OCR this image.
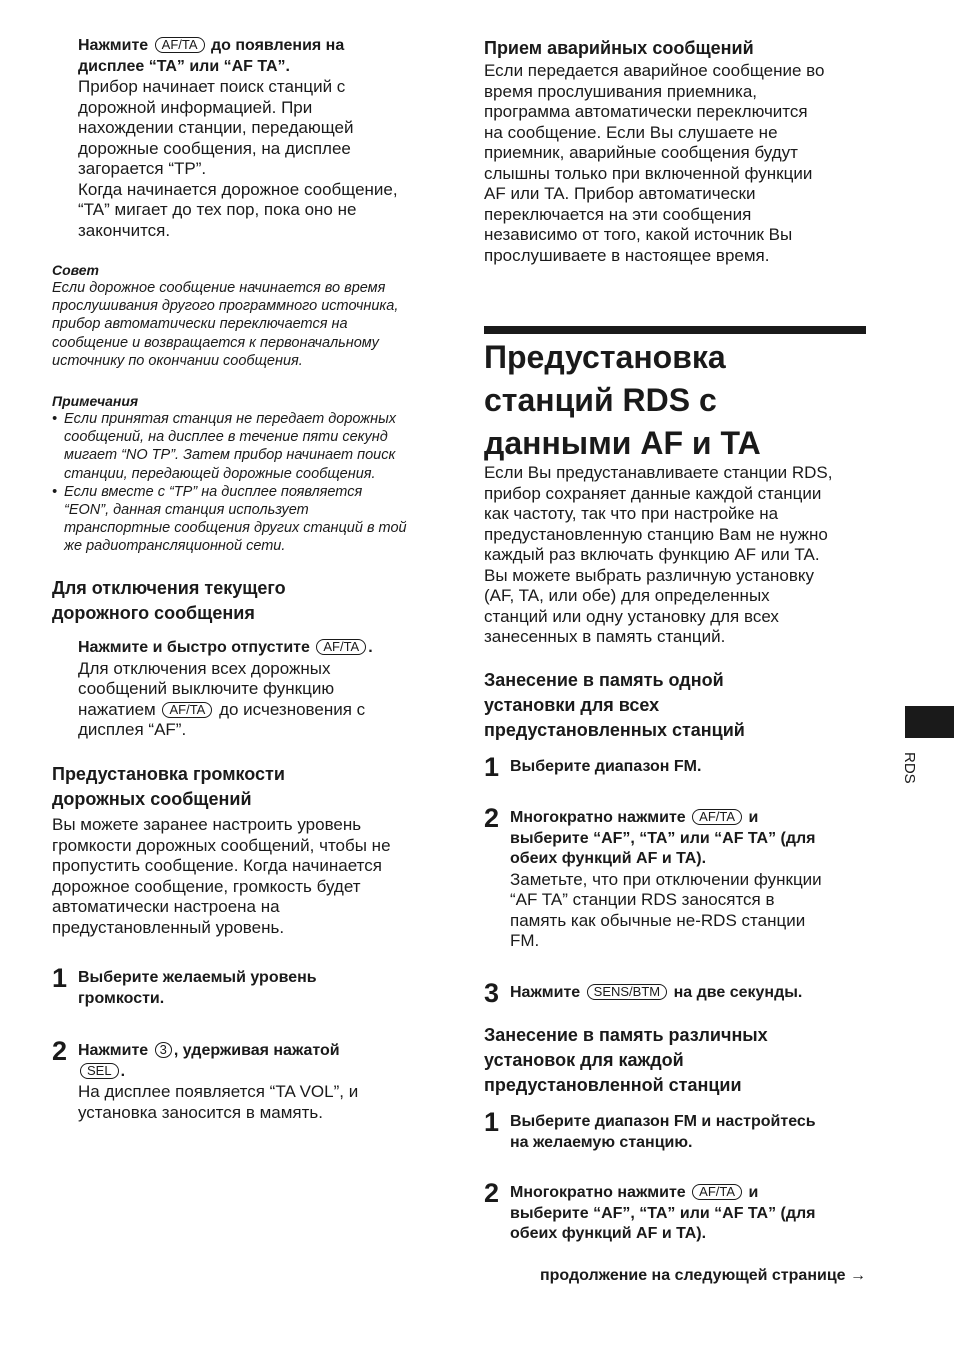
Нажмите AF/TA до появления на
дисплее “TA” или “AF TA”.

Прибор начинает поиск станций с
дорожной информацией. При
нахождении станции, передающей
дорожные сообщения, на дисплее
загорается “TP”.
Когда начинается дорожное сообщение,
“TA” мигает до тех пор, пока оно не
закончится.

Совет

Если дорожное сообщение начинается во время
прослушивания другого программного источника,
прибор автоматически переключается на
сообщение и возвращается к первоначальному
источнику по окончании сообщения.

Примечания

• Если принятая станция не передает дорожных
сообщений, на дисплее в течение пяти секунд
мигает “NO TP”. Затем прибор начинает поиск
станции, передающей дорожные сообщения.
• Если вместе с “TP” на дисплее появляется
“EON”, данная станция использует
транспортные сообщения других станций в той
же радиотрансляционной сети.
Для отключения текущего
дорожного сообщения

Нажмите и быстро отпустите AF/TA .

Для отключения всех дорожных
сообщений выключите функцию
нажатием AF/TA до исчезновения с
дисплея “AF”.
Предустановка громкости
дорожных сообщений
Вы можете заранее настроить уровень
громкости дорожных сообщений, чтобы не
пропустить сообщение. Когда начинается
дорожное сообщение, громкость будет
автоматически настроена на
предустановленный уровень.
1 Выберите желаемый уровень
громкости.
2 Нажмите 3 , удерживая нажатой
SEL .

На дисплее появляется “TA VOL”, и
установка заносится в мамять.
Прием аварийных сообщений
Если передается аварийное сообщение во
время прослушивания приемника,
программа автоматически переключится
на сообщение. Если Вы слушаете не
приемник, аварийные сообщения будут
слышны только при включенной функции
AF или TA. Прибор автоматически
переключается на эти сообщения
независимо от того, какой источник Вы
прослушиваете в настоящее время.
Предустановка
станций RDS с
данными AF и TA
Если Вы предустанавливаете станции RDS,
прибор сохраняет данные каждой станции
как частоту, так что при настройке на
предустановленную станцию Вам не нужно
каждый раз включать функцию AF или TA.
Вы можете выбрать различную установку
(AF, TA, или обе) для определенных
станций или одну установку для всех
занесенных в память станций.
Занесение в память одной
установки для всех
предустановленных станций
1 Выберите диапазон FM.
2 Многократно нажмите AF/TA и
выберите “AF”, “TA” или “AF TA” (для
обеих функций AF и TA).

Заметьте, что при отключении функции
“AF TA” станции RDS заносятся в
память как обычные не-RDS станции
FM.
3 Нажмите SENS/BTM на две секунды.

Занесение в память различных
установок для каждой
предустановленной станции
1 Выберите диапазон FM и настройтесь
на желаемую станцию.
2 Многократно нажмите AF/TA и
выберите “AF”, “TA” или “AF TA” (для
обеих функций AF и TA).

продолжение на следующей странице →

RDS
